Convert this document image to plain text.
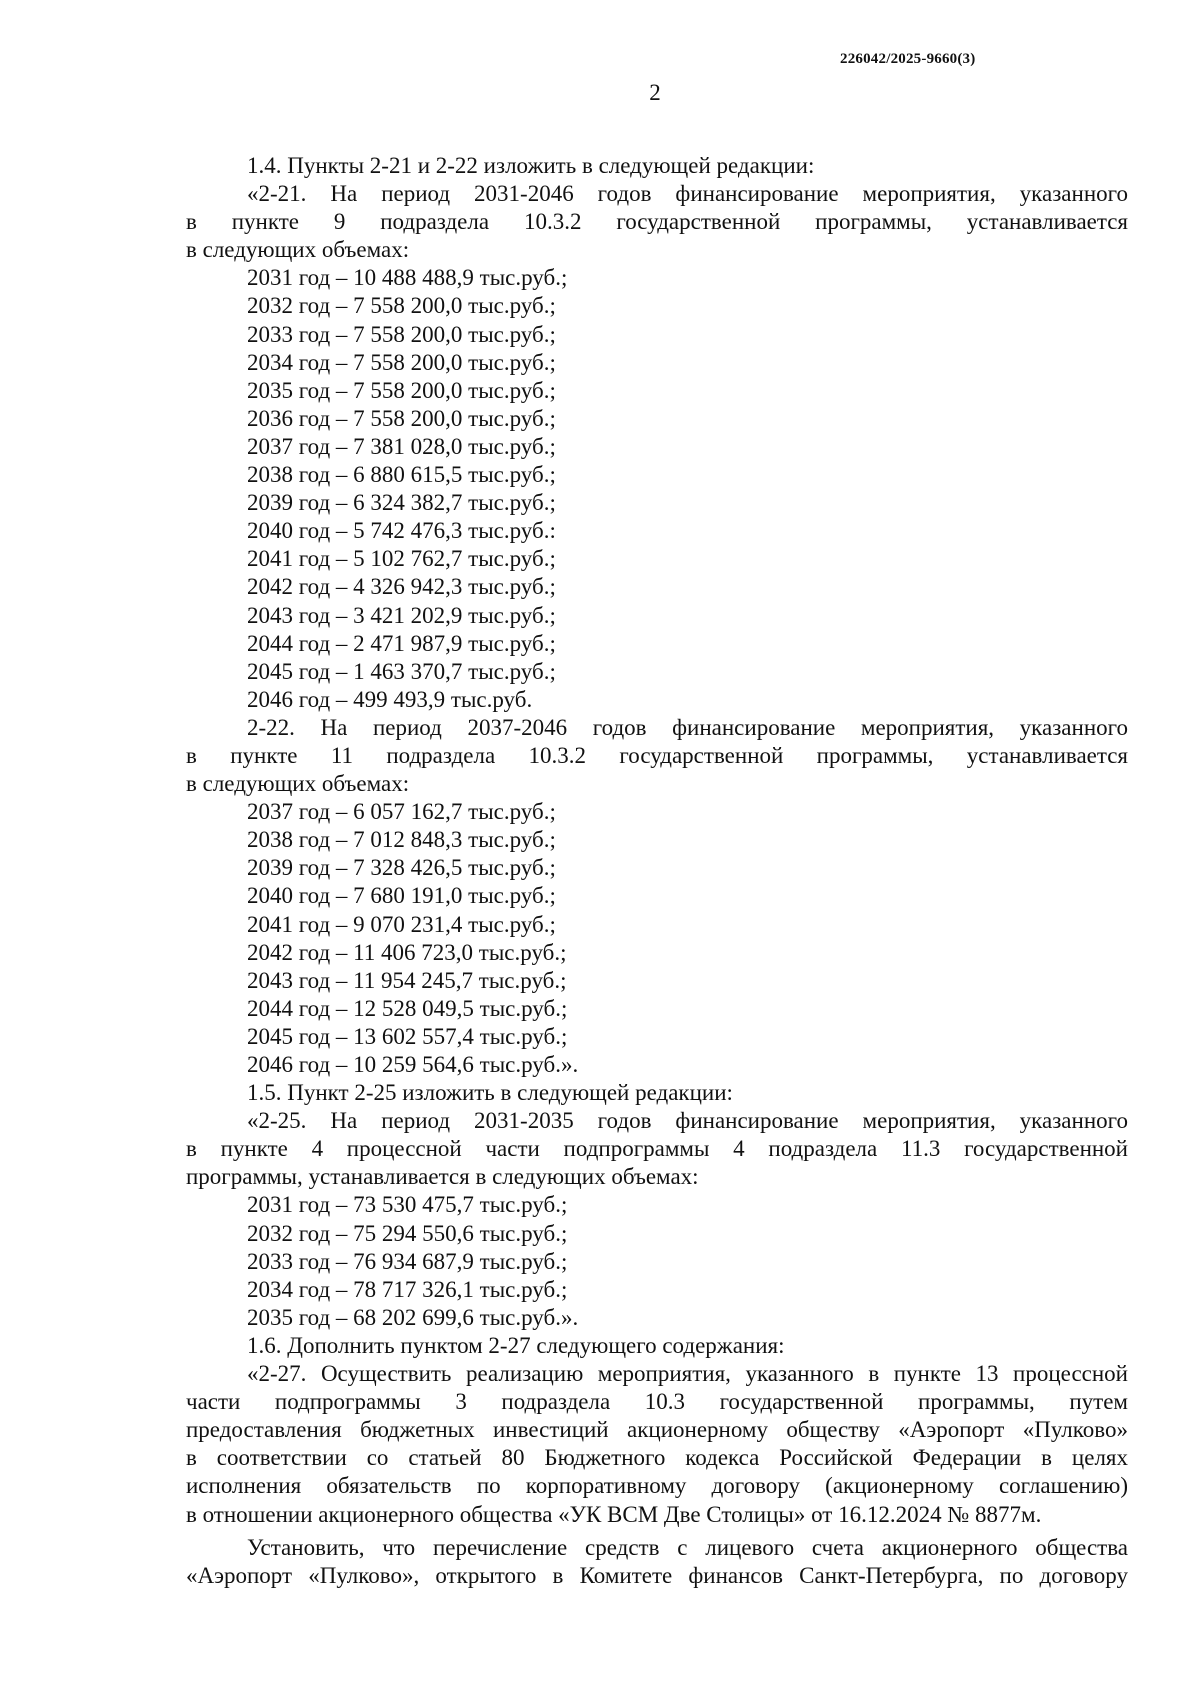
226042/2025-9660(3)
2
1.4. Пункты 2-21 и 2-22 изложить в следующей редакции:
«2-21. На период 2031-2046 годов финансирование мероприятия, указанного
в пункте 9 подраздела 10.3.2 государственной программы, устанавливается
в следующих объемах:
2031 год – 10 488 488,9 тыс.руб.;
2032 год – 7 558 200,0 тыс.руб.;
2033 год – 7 558 200,0 тыс.руб.;
2034 год – 7 558 200,0 тыс.руб.;
2035 год – 7 558 200,0 тыс.руб.;
2036 год – 7 558 200,0 тыс.руб.;
2037 год – 7 381 028,0 тыс.руб.;
2038 год – 6 880 615,5 тыс.руб.;
2039 год – 6 324 382,7 тыс.руб.;
2040 год – 5 742 476,3 тыс.руб.:
2041 год – 5 102 762,7 тыс.руб.;
2042 год – 4 326 942,3 тыс.руб.;
2043 год – 3 421 202,9 тыс.руб.;
2044 год – 2 471 987,9 тыс.руб.;
2045 год – 1 463 370,7 тыс.руб.;
2046 год – 499 493,9 тыс.руб.
2-22. На период 2037-2046 годов финансирование мероприятия, указанного
в пункте 11 подраздела 10.3.2 государственной программы, устанавливается
в следующих объемах:
2037 год – 6 057 162,7 тыс.руб.;
2038 год – 7 012 848,3 тыс.руб.;
2039 год – 7 328 426,5 тыс.руб.;
2040 год – 7 680 191,0 тыс.руб.;
2041 год – 9 070 231,4 тыс.руб.;
2042 год – 11 406 723,0 тыс.руб.;
2043 год – 11 954 245,7 тыс.руб.;
2044 год – 12 528 049,5 тыс.руб.;
2045 год – 13 602 557,4 тыс.руб.;
2046 год – 10 259 564,6 тыс.руб.».
1.5. Пункт 2-25 изложить в следующей редакции:
«2-25. На период 2031-2035 годов финансирование мероприятия, указанного
в пункте 4 процессной части подпрограммы 4 подраздела 11.3 государственной
программы, устанавливается в следующих объемах:
2031 год – 73 530 475,7 тыс.руб.;
2032 год – 75 294 550,6 тыс.руб.;
2033 год – 76 934 687,9 тыс.руб.;
2034 год – 78 717 326,1 тыс.руб.;
2035 год – 68 202 699,6 тыс.руб.».
1.6. Дополнить пунктом 2-27 следующего содержания:
«2-27. Осуществить реализацию мероприятия, указанного в пункте 13 процессной
части подпрограммы 3 подраздела 10.3 государственной программы, путем
предоставления бюджетных инвестиций акционерному обществу «Аэропорт «Пулково»
в соответствии со статьей 80 Бюджетного кодекса Российской Федерации в целях
исполнения обязательств по корпоративному договору (акционерному соглашению)
в отношении акционерного общества «УК ВСМ Две Столицы» от 16.12.2024 № 8877м.
Установить, что перечисление средств с лицевого счета акционерного общества
«Аэропорт «Пулково», открытого в Комитете финансов Санкт-Петербурга, по договору
